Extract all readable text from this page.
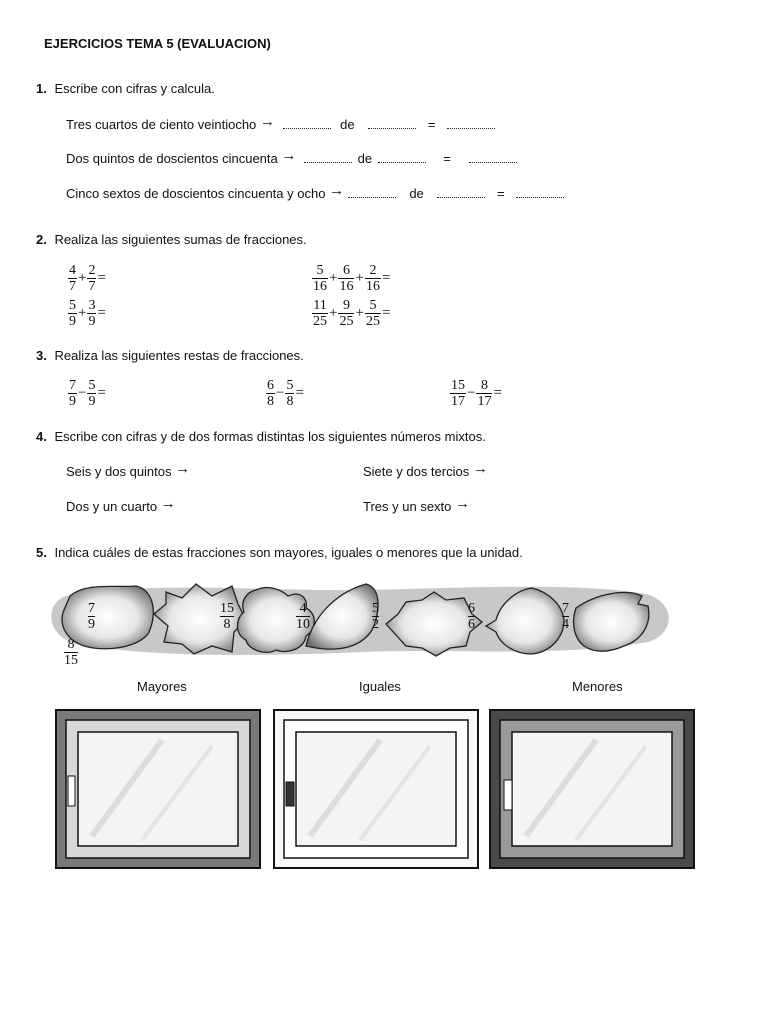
EJERCICIOS TEMA 5 (EVALUACION)
1. Escribe con cifras y calcula.
Tres cuartos de ciento veintiocho →	de	=
Dos quintos de doscientos cincuenta →	de	=
Cinco sextos de doscientos cincuenta y ocho →	de	=
2. Realiza las siguientes sumas de fracciones.
$\frac{4}{7} + \frac{2}{7}$ =
$\frac{5}{9} + \frac{3}{9}$ =
$\frac{5}{16} + \frac{6}{16} + \frac{2}{16}$ =
$\frac{11}{25} + \frac{9}{25} + \frac{5}{25}$ =
3. Realiza las siguientes restas de fracciones.
$\frac{7}{9} - \frac{5}{9}$ =	$\frac{6}{8} - \frac{5}{8}$ =	$\frac{15}{17} - \frac{8}{17}$ =
4. Escribe con cifras y de dos formas distintas los siguientes números mixtos.
Seis y dos quintos →	Siete y dos tercios →
Dos y un cuarto →	Tres y un sexto →
5. Indica cuáles de estas fracciones son mayores, iguales o menores que la unidad.
7
9
15
8
4
10
5
2
6
6
7
4
8
15
Mayores	Iguales	Menores
